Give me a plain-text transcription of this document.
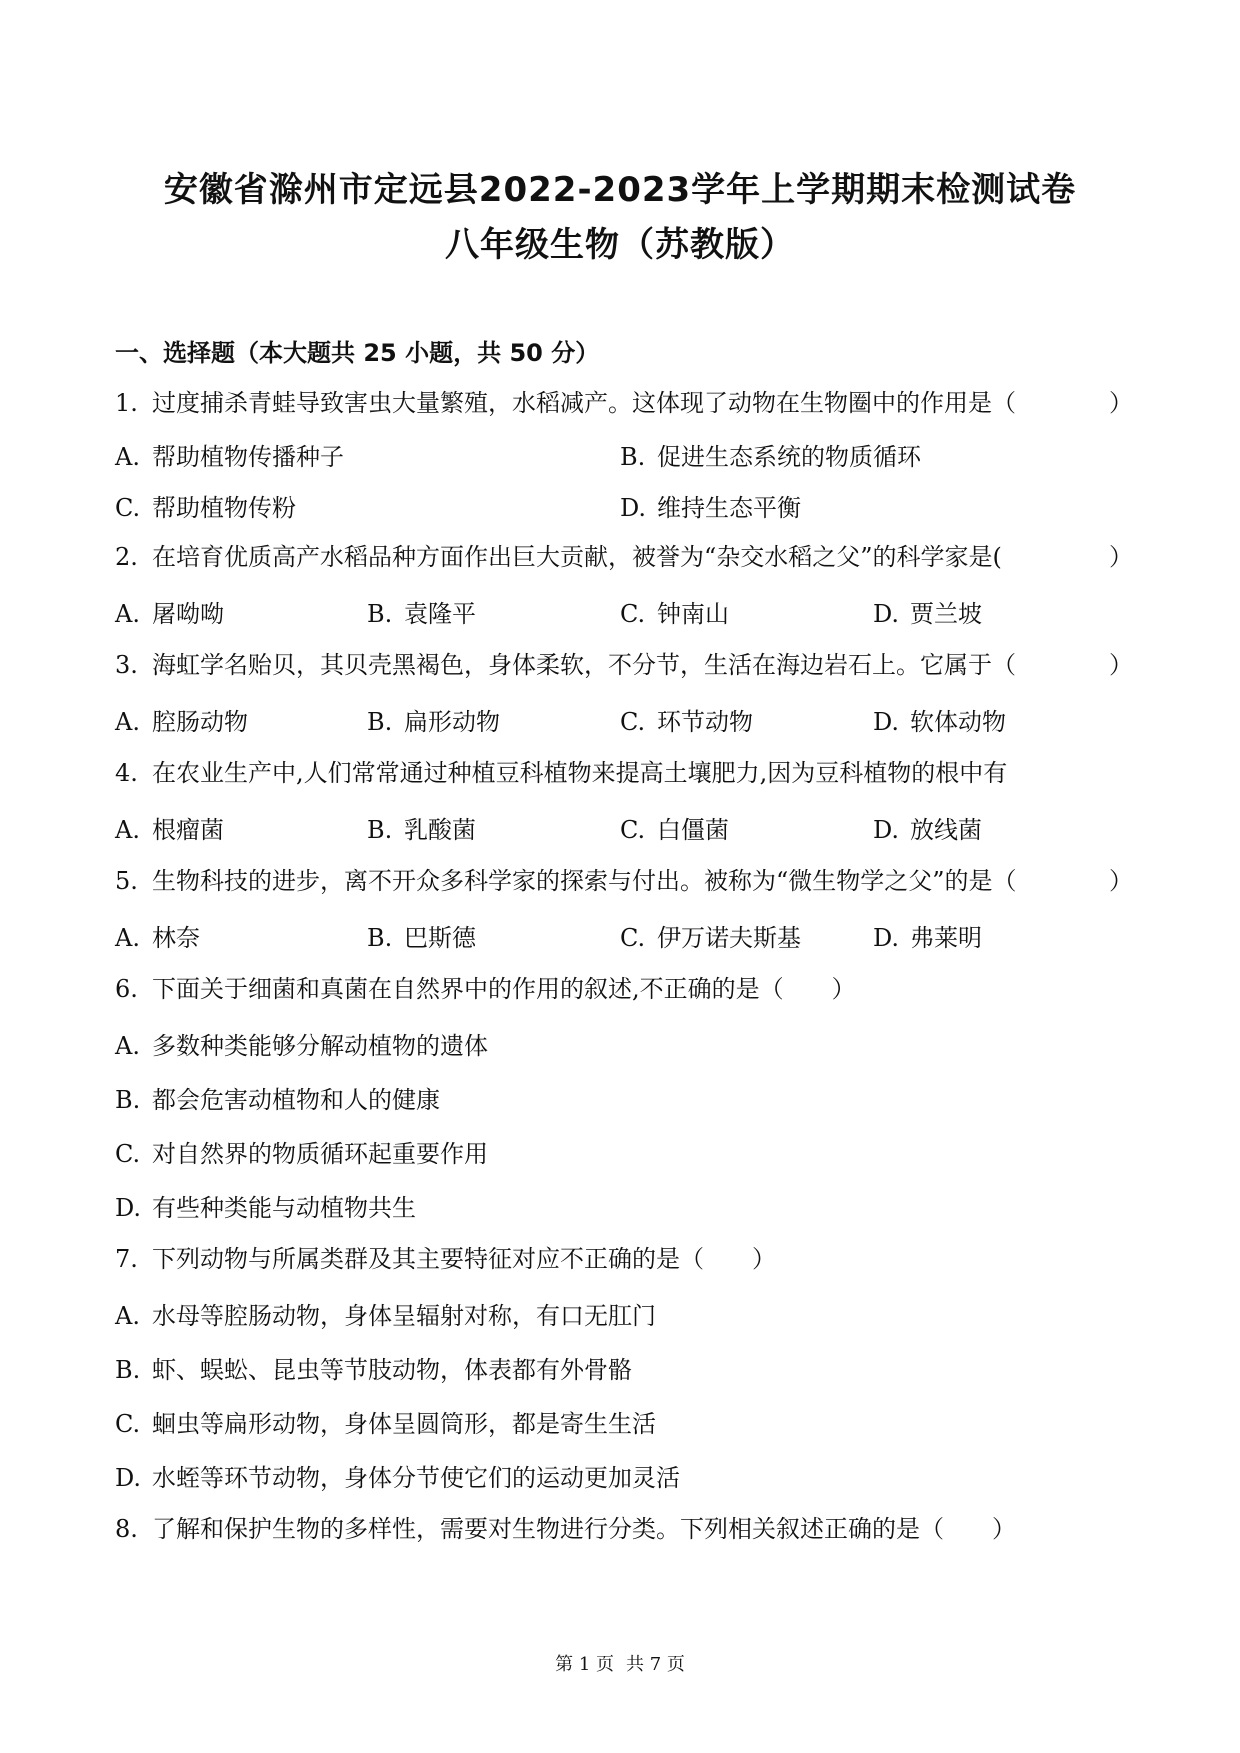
安徽省滁州市定远县2022-2023学年上学期期末检测试卷
八年级生物（苏教版）
一、选择题（本大题共 25 小题，共 50 分）
1. 过度捕杀青蛙导致害虫大量繁殖，水稻减产。这体现了动物在生物圈中的作用是（	）
A. 帮助植物传播种子	B. 促进生态系统的物质循环
C. 帮助植物传粉	D. 维持生态平衡
2. 在培育优质高产水稻品种方面作出巨大贡献，被誉为“杂交水稻之父”的科学家是(	）
A. 屠呦呦	B. 袁隆平	C. 钟南山	D. 贾兰坡
3. 海虹学名贻贝，其贝壳黑褐色，身体柔软，不分节，生活在海边岩石上。它属于（	）
A. 腔肠动物	B. 扁形动物	C. 环节动物	D. 软体动物
4. 在农业生产中,人们常常通过种植豆科植物来提高土壤肥力,因为豆科植物的根中有
A. 根瘤菌	B. 乳酸菌	C. 白僵菌	D. 放线菌
5. 生物科技的进步，离不开众多科学家的探索与付出。被称为“微生物学之父”的是（	）
A. 林奈	B. 巴斯德	C. 伊万诺夫斯基	D. 弗莱明
6. 下面关于细菌和真菌在自然界中的作用的叙述,不正确的是（　　）
A. 多数种类能够分解动植物的遗体
B. 都会危害动植物和人的健康
C. 对自然界的物质循环起重要作用
D. 有些种类能与动植物共生
7. 下列动物与所属类群及其主要特征对应不正确的是（　　）
A. 水母等腔肠动物，身体呈辐射对称，有口无肛门
B. 虾、蜈蚣、昆虫等节肢动物，体表都有外骨骼
C. 蛔虫等扁形动物，身体呈圆筒形，都是寄生生活
D. 水蛭等环节动物，身体分节使它们的运动更加灵活
8. 了解和保护生物的多样性，需要对生物进行分类。下列相关叙述正确的是（　　）
第 1 页 共 7 页
